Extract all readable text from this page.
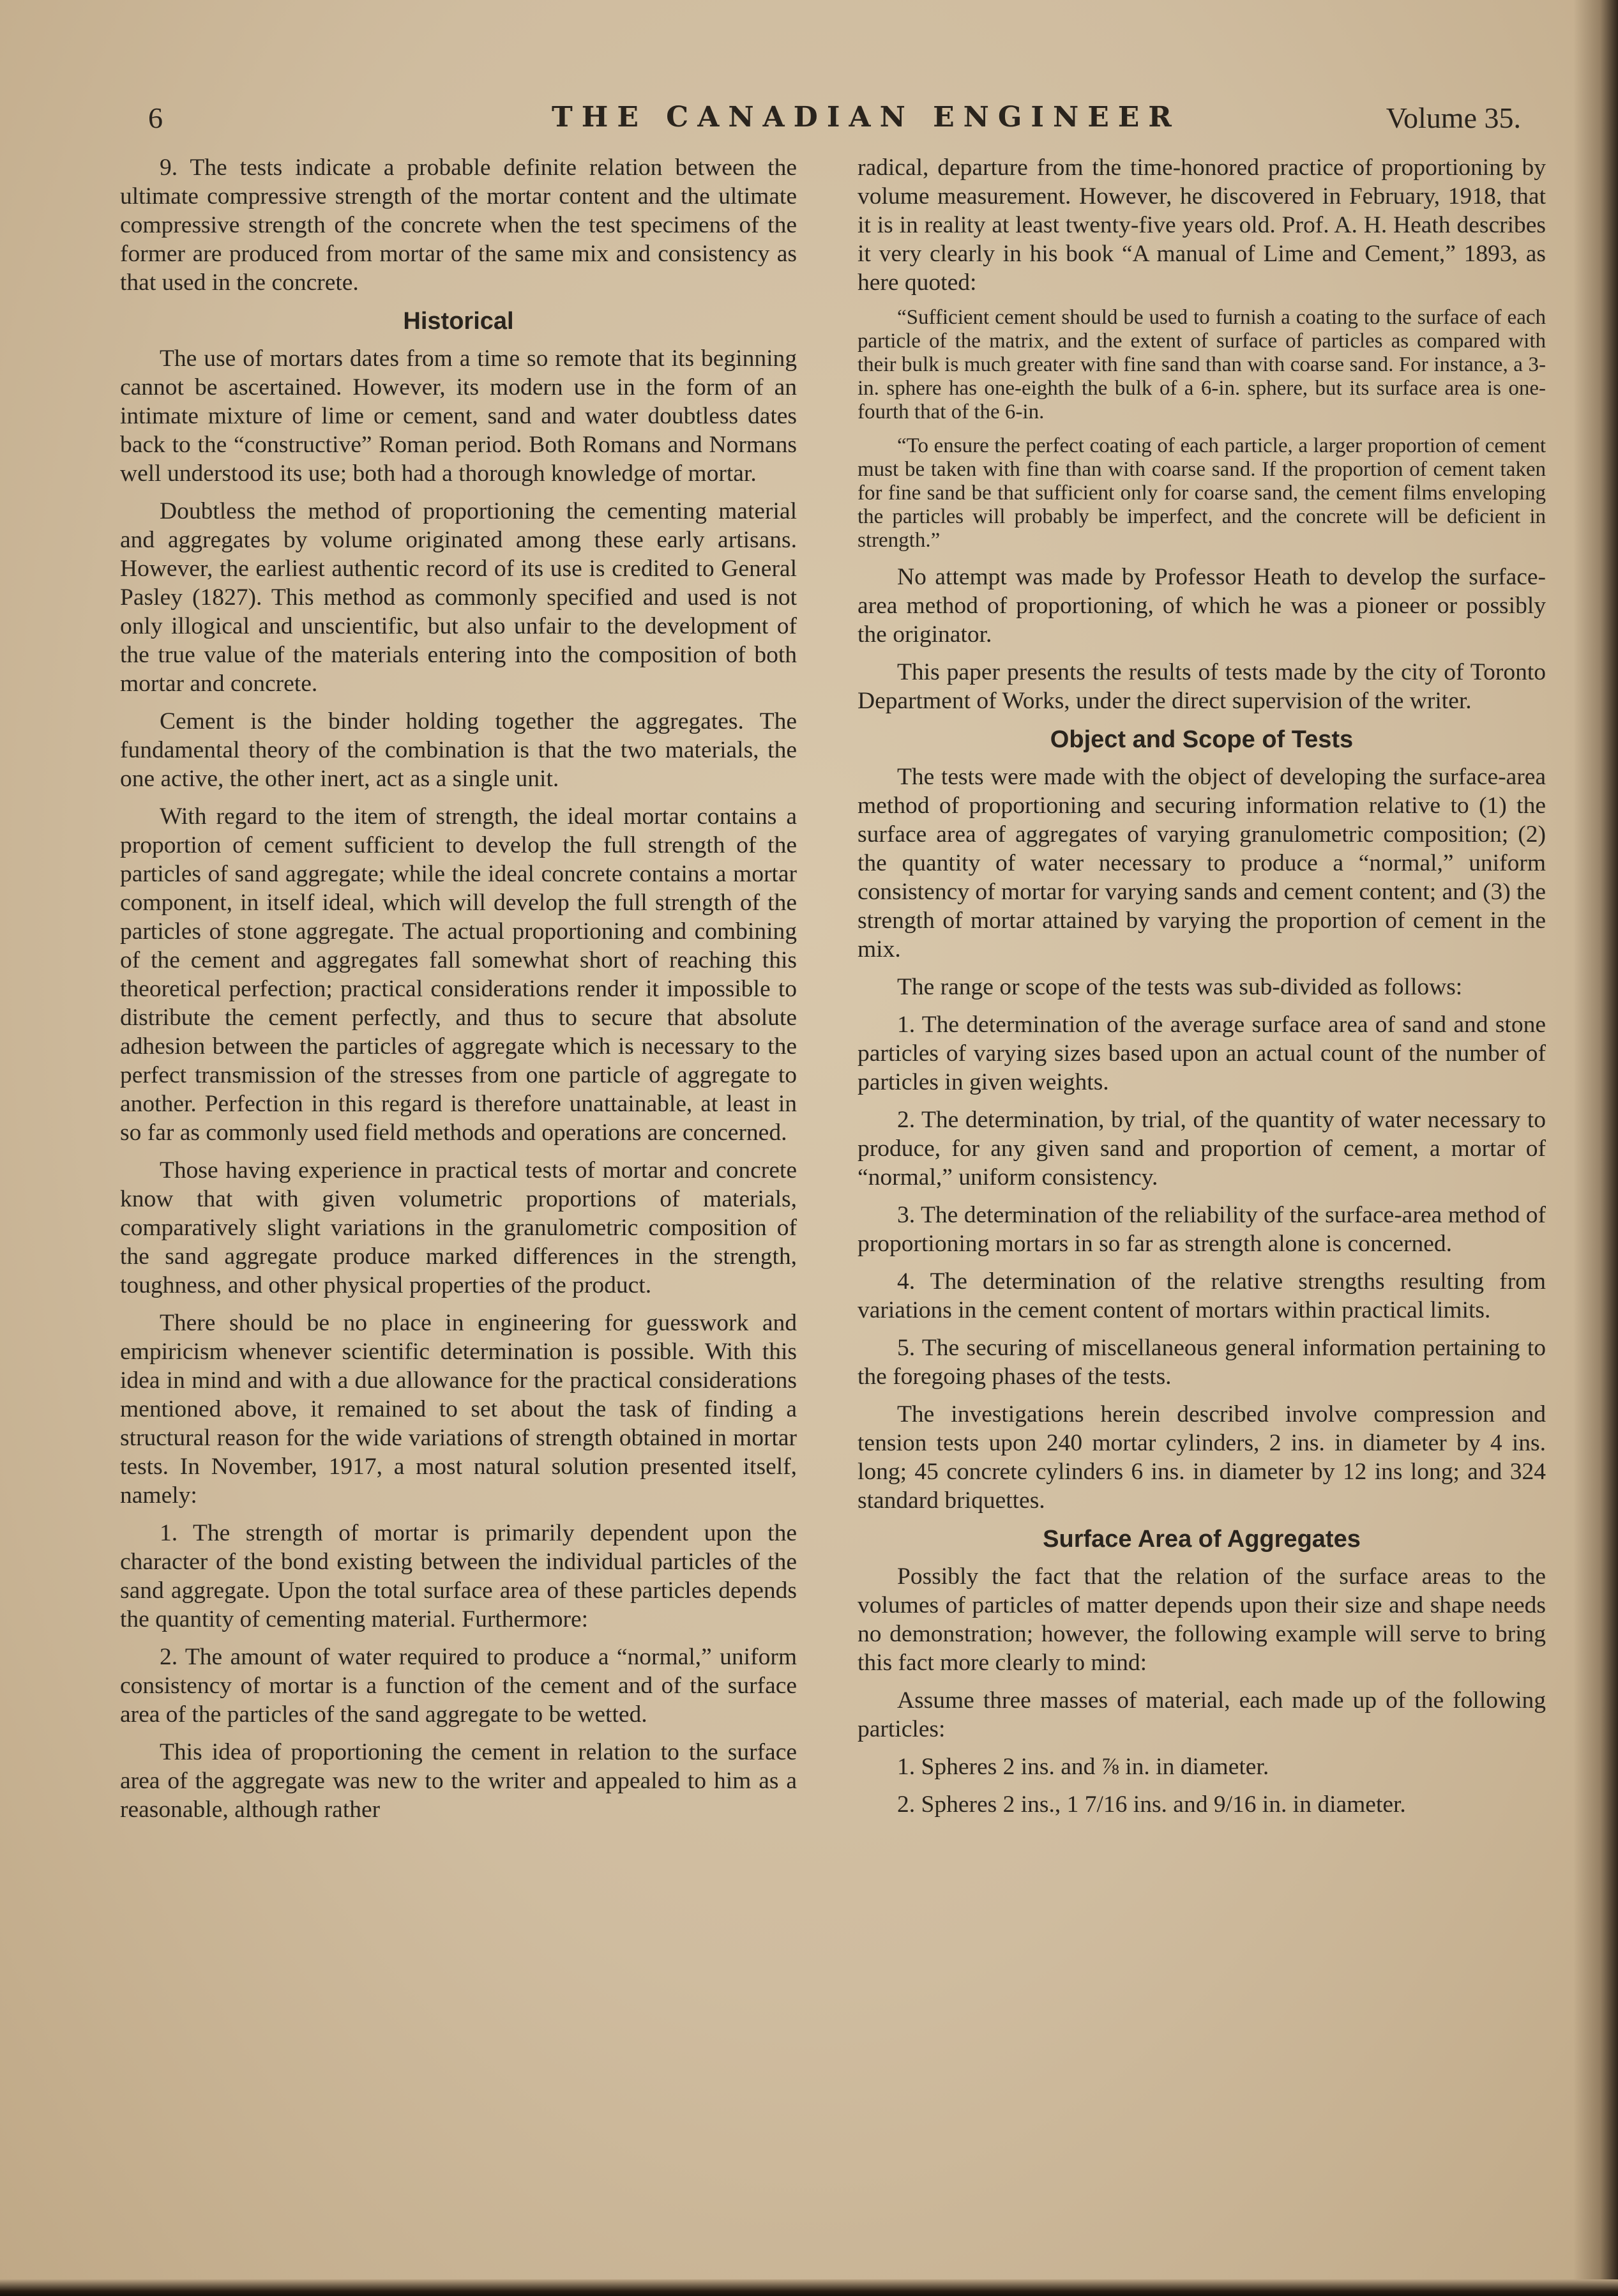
6	THE CANADIAN ENGINEER	Volume 35.

9. The tests indicate a probable definite relation between the ultimate compressive strength of the mortar content and the ultimate compressive strength of the concrete when the test specimens of the former are produced from mortar of the same mix and consistency as that used in the concrete.

Historical

The use of mortars dates from a time so remote that its beginning cannot be ascertained. However, its modern use in the form of an intimate mixture of lime or cement, sand and water doubtless dates back to the “constructive” Roman period. Both Romans and Normans well understood its use; both had a thorough knowledge of mortar.

Doubtless the method of proportioning the cementing material and aggregates by volume originated among these early artisans. However, the earliest authentic record of its use is credited to General Pasley (1827). This method as commonly specified and used is not only illogical and unscientific, but also unfair to the development of the true value of the materials entering into the composition of both mortar and concrete.

Cement is the binder holding together the aggregates. The fundamental theory of the combination is that the two materials, the one active, the other inert, act as a single unit.

With regard to the item of strength, the ideal mortar contains a proportion of cement sufficient to develop the full strength of the particles of sand aggregate; while the ideal concrete contains a mortar component, in itself ideal, which will develop the full strength of the particles of stone aggregate. The actual proportioning and combining of the cement and aggregates fall somewhat short of reaching this theoretical perfection; practical considerations render it impossible to distribute the cement perfectly, and thus to secure that absolute adhesion between the particles of aggregate which is necessary to the perfect transmission of the stresses from one particle of aggregate to another. Perfection in this regard is therefore unattainable, at least in so far as commonly used field methods and operations are concerned.

Those having experience in practical tests of mortar and concrete know that with given volumetric proportions of materials, comparatively slight variations in the granulometric composition of the sand aggregate produce marked differences in the strength, toughness, and other physical properties of the product.

There should be no place in engineering for guesswork and empiricism whenever scientific determination is possible. With this idea in mind and with a due allowance for the practical considerations mentioned above, it remained to set about the task of finding a structural reason for the wide variations of strength obtained in mortar tests. In November, 1917, a most natural solution presented itself, namely:

1. The strength of mortar is primarily dependent upon the character of the bond existing between the individual particles of the sand aggregate. Upon the total surface area of these particles depends the quantity of cementing material. Furthermore:

2. The amount of water required to produce a “normal,” uniform consistency of mortar is a function of the cement and of the surface area of the particles of the sand aggregate to be wetted.

This idea of proportioning the cement in relation to the surface area of the aggregate was new to the writer and appealed to him as a reasonable, although rather

radical, departure from the time-honored practice of proportioning by volume measurement. However, he discovered in February, 1918, that it is in reality at least twenty-five years old. Prof. A. H. Heath describes it very clearly in his book “A manual of Lime and Cement,” 1893, as here quoted:

“Sufficient cement should be used to furnish a coating to the surface of each particle of the matrix, and the extent of surface of particles as compared with their bulk is much greater with fine sand than with coarse sand. For instance, a 3-in. sphere has one-eighth the bulk of a 6-in. sphere, but its surface area is one-fourth that of the 6-in.

“To ensure the perfect coating of each particle, a larger proportion of cement must be taken with fine than with coarse sand. If the proportion of cement taken for fine sand be that sufficient only for coarse sand, the cement films enveloping the particles will probably be imperfect, and the concrete will be deficient in strength.”

No attempt was made by Professor Heath to develop the surface-area method of proportioning, of which he was a pioneer or possibly the originator.

This paper presents the results of tests made by the city of Toronto Department of Works, under the direct supervision of the writer.

Object and Scope of Tests

The tests were made with the object of developing the surface-area method of proportioning and securing information relative to (1) the surface area of aggregates of varying granulometric composition; (2) the quantity of water necessary to produce a “normal,” uniform consistency of mortar for varying sands and cement content; and (3) the strength of mortar attained by varying the proportion of cement in the mix.

The range or scope of the tests was sub-divided as follows:

1. The determination of the average surface area of sand and stone particles of varying sizes based upon an actual count of the number of particles in given weights.

2. The determination, by trial, of the quantity of water necessary to produce, for any given sand and proportion of cement, a mortar of “normal,” uniform consistency.

3. The determination of the reliability of the surface-area method of proportioning mortars in so far as strength alone is concerned.

4. The determination of the relative strengths resulting from variations in the cement content of mortars within practical limits.

5. The securing of miscellaneous general information pertaining to the foregoing phases of the tests.

The investigations herein described involve compression and tension tests upon 240 mortar cylinders, 2 ins. in diameter by 4 ins. long; 45 concrete cylinders 6 ins. in diameter by 12 ins long; and 324 standard briquettes.

Surface Area of Aggregates

Possibly the fact that the relation of the surface areas to the volumes of particles of matter depends upon their size and shape needs no demonstration; however, the following example will serve to bring this fact more clearly to mind:

Assume three masses of material, each made up of the following particles:

1. Spheres 2 ins. and ⅞ in. in diameter.

2. Spheres 2 ins., 1 7/16 ins. and 9/16 in. in diameter.
